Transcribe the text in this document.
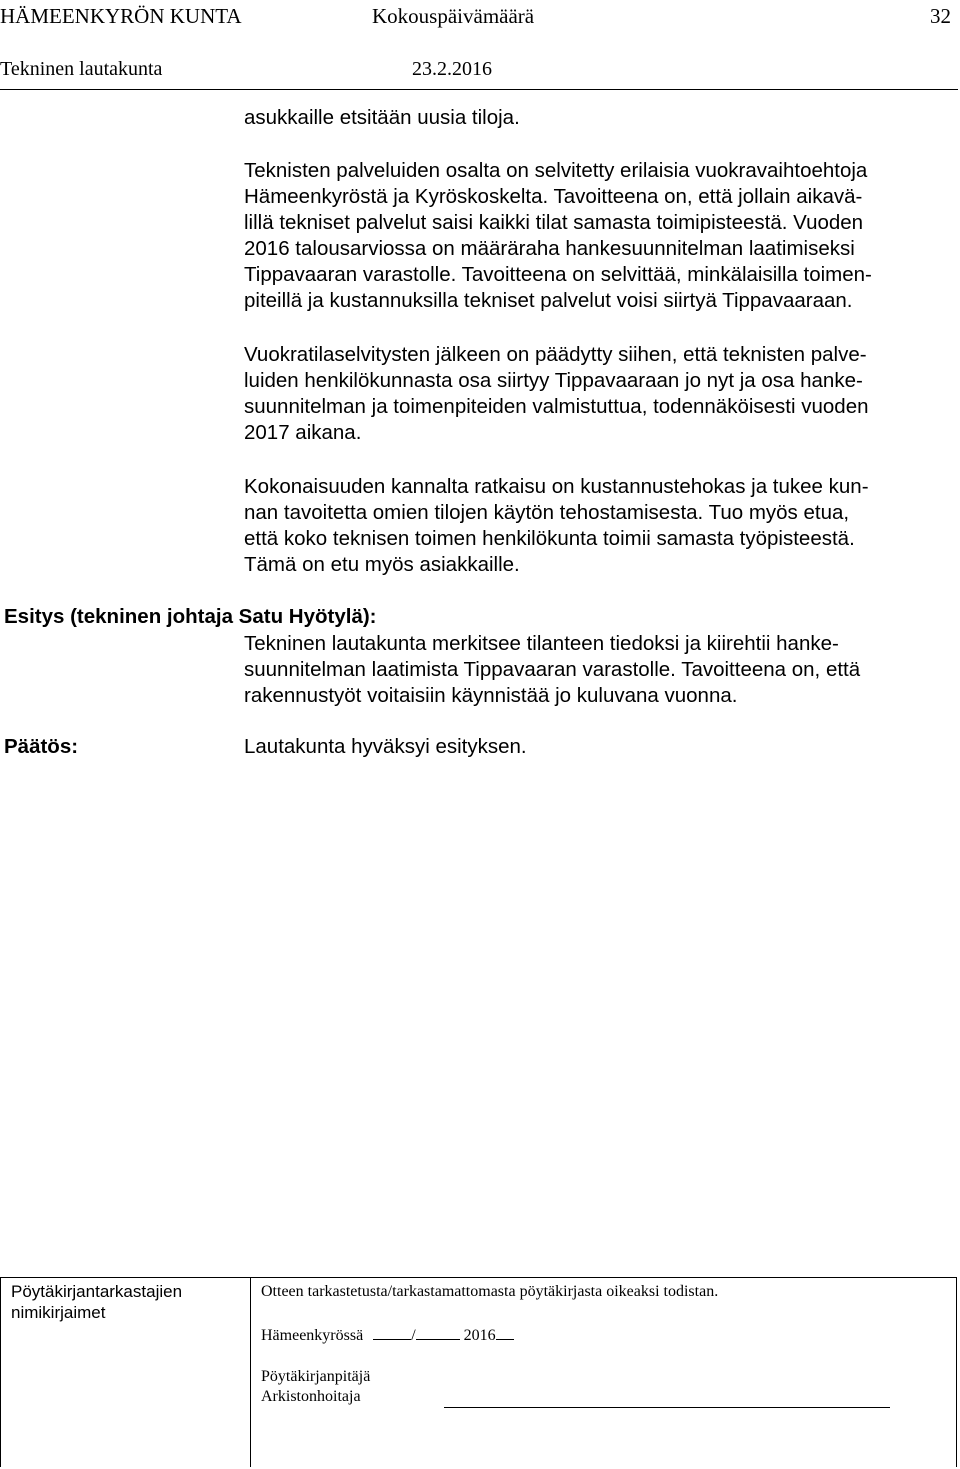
HÄMEENKYRÖN KUNTA	Kokouspäivämäärä	32
Tekninen lautakunta	23.2.2016
asukkaille etsitään uusia tiloja.
Teknisten palveluiden osalta on selvitetty erilaisia vuokravaihtoehtoja
Hämeenkyröstä ja Kyröskoskelta. Tavoitteena on, että jollain aikavä-
lillä tekniset palvelut saisi kaikki tilat samasta toimipisteestä. Vuoden
2016 talousarviossa on määräraha hankesuunnitelman laatimiseksi
Tippavaaran varastolle. Tavoitteena on selvittää, minkälaisilla toimen-
piteillä ja kustannuksilla tekniset palvelut voisi siirtyä Tippavaaraan.
Vuokratilaselvitysten jälkeen on päädytty siihen, että teknisten palve-
luiden henkilökunnasta osa siirtyy Tippavaaraan jo nyt ja osa hanke-
suunnitelman ja toimenpiteiden valmistuttua, todennäköisesti vuoden
2017 aikana.
Kokonaisuuden kannalta ratkaisu on kustannustehokas ja tukee kun-
nan tavoitetta omien tilojen käytön tehostamisesta. Tuo myös etua,
että koko teknisen toimen henkilökunta toimii samasta työpisteestä.
Tämä on etu myös asiakkaille.
Esitys (tekninen johtaja Satu Hyötylä):
Tekninen lautakunta merkitsee tilanteen tiedoksi ja kiirehtii hanke-
suunnitelman laatimista Tippavaaran varastolle. Tavoitteena on, että
rakennustyöt voitaisiin käynnistää jo kuluvana vuonna.
Päätös:	Lautakunta hyväksyi esityksen.
Pöytäkirjantarkastajien
nimikirjaimet
Otteen tarkastetusta/tarkastamattomasta pöytäkirjasta oikeaksi todistan.
Hämeenkyrössä	/	2016
Pöytäkirjanpitäjä
Arkistonhoitaja
